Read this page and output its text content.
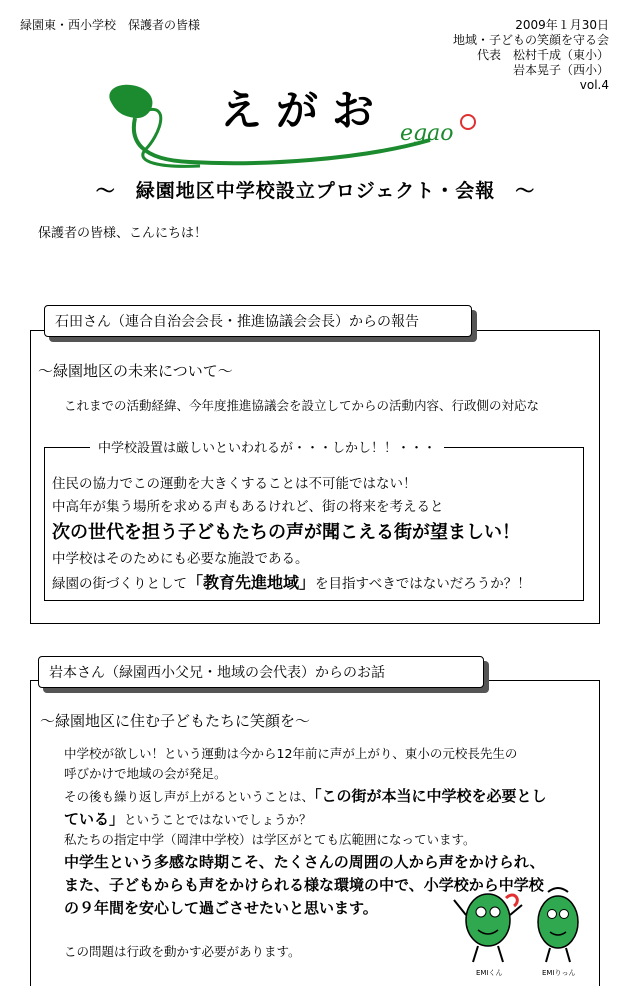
緑園東・西小学校　保護者の皆様	2009年１月30日
地域・子どもの笑顔を守る会
代表　松村千成（東小）
岩本晃子（西小）
vol.4
えがお egao
～　緑園地区中学校設立プロジェクト・会報　～
保護者の皆様、こんにちは！
石田さん（連合自治会会長・推進協議会会長）からの報告
～緑園地区の未来について～
これまでの活動経緯、今年度推進協議会を設立してからの活動内容、行政側の対応な
中学校設置は厳しいといわれるが・・・しかし！！・・・
住民の協力でこの運動を大きくすることは不可能ではない！
中高年が集う場所を求める声もあるけれど、街の将来を考えると
次の世代を担う子どもたちの声が聞こえる街が望ましい！
中学校はそのためにも必要な施設である。
緑園の街づくりとして「教育先進地域」を目指すべきではないだろうか？！
岩本さん（緑園西小父兄・地域の会代表）からのお話
～緑園地区に住む子どもたちに笑顔を～
中学校が欲しい！という運動は今から12年前に声が上がり、東小の元校長先生の
呼びかけで地域の会が発足。
その後も繰り返し声が上がるということは、「この街が本当に中学校を必要とし
ている」ということではないでしょうか？
私たちの指定中学（岡津中学校）は学区がとても広範囲になっています。
中学生という多感な時期こそ、たくさんの周囲の人から声をかけられ、
また、子どもからも声をかけられる様な環境の中で、小学校から中学校
の９年間を安心して過ごさせたいと思います。
この問題は行政を動かす必要があります。
EMIくん	EMIりっん
